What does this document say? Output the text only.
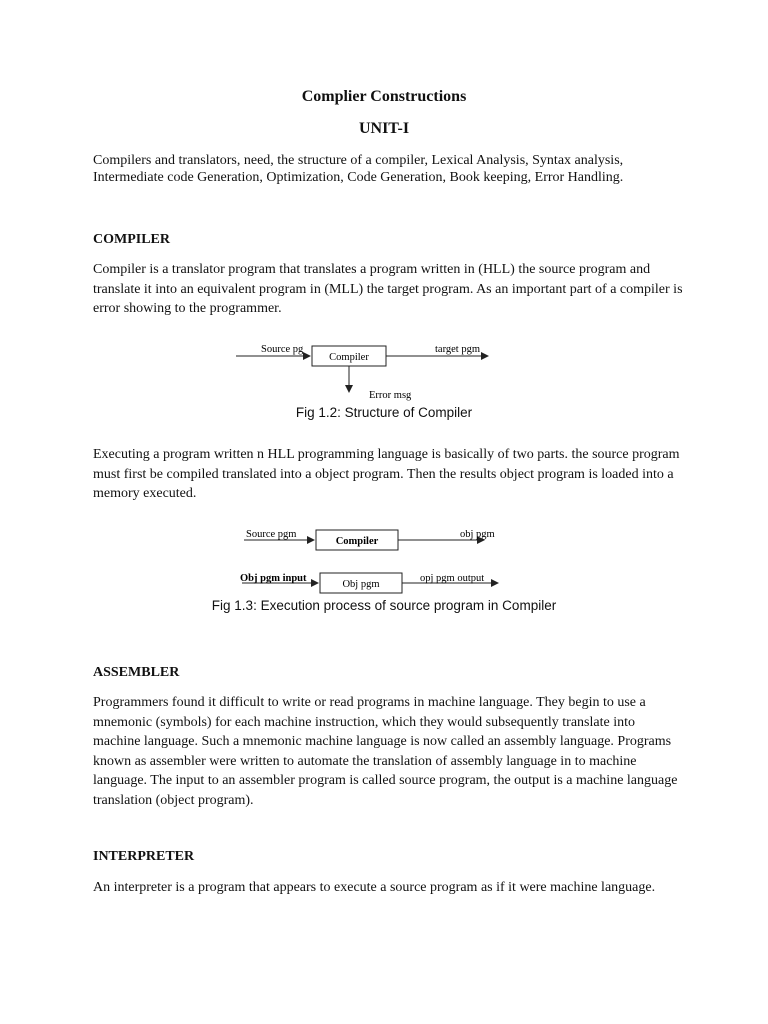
Complier Constructions
UNIT-I

Compilers and translators, need, the structure of a compiler, Lexical Analysis, Syntax analysis, Intermediate code Generation, Optimization, Code Generation, Book keeping, Error Handling.

COMPILER

Compiler is a translator program that translates a program written in (HLL) the source program and translate it into an equivalent program in (MLL) the target program. As an important part of a compiler is error showing to the programmer.

Source pg
Compiler
target pgm
Error msg
Fig 1.2: Structure of Compiler

Executing a program written n HLL programming language is basically of two parts. the source program must first be compiled translated into a object program. Then the results object program is loaded into a memory executed.

Source pgm
Compiler
obj pgm
Obj pgm input
Obj pgm
opj pgm output
Fig 1.3: Execution process of source program in Compiler

ASSEMBLER

Programmers found it difficult to write or read programs in machine language. They begin to use a mnemonic (symbols) for each machine instruction, which they would subsequently translate into machine language. Such a mnemonic machine language is now called an assembly language. Programs known as assembler were written to automate the translation of assembly language in to machine language. The input to an assembler program is called source program, the output is a machine language translation (object program).

INTERPRETER

An interpreter is a program that appears to execute a source program as if it were machine language.
